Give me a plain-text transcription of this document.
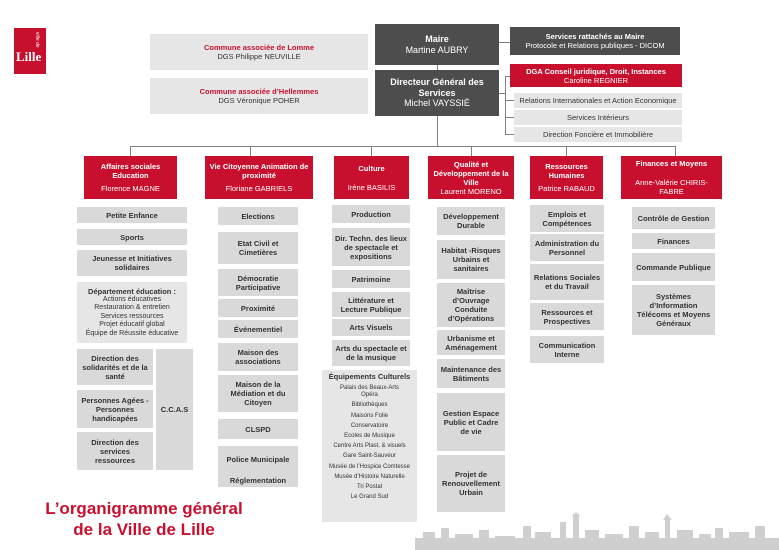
ville de
Lille
Commune associée de Lomme
DGS Philippe NEUVILLE
Commune associée d’Hellemmes
DGS Véronique POHER
Maire
Martine AUBRY
Services rattachés au Maire
Protocole et Relations publiques - DICOM
Directeur Général des Services
Michel VAYSSIÉ
DGA Conseil juridique, Droit, Instances
Caroline REGNIER
Relations Internationales et Action Economique
Services Intérieurs
Direction Foncière et Immobilière
Affaires sociales Education
Florence MAGNE
Vie Citoyenne Animation de proximité
Floriane GABRIELS
Culture
Irène BASILIS
Qualité et Développement de la Ville
Laurent MORENO
Ressources Humaines
Patrice RABAUD
Finances et Moyens
Anne-Valérie CHIRIS-FABRE
Petite Enfance
Sports
Jeunesse et Initiatives solidaires
Département éducation :
Actions éducatives
Restauration & entretien
Services ressources
Projet éducatif global
Équipe de Réussite éducative
Direction des solidarités et de la santé
Personnes Agées - Personnes handicapées
Direction des services ressources
C.C.A.S
Elections
Etat Civil et Cimetières
Démocratie Participative
Proximité
Événementiel
Maison des associations
Maison de la Médiation et du Citoyen
CLSPD
Police Municipale
Réglementation
Production
Dir. Techn. des lieux de spectacle et expositions
Patrimoine
Littérature et Lecture Publique
Arts Visuels
Arts du spectacle et de la musique
Équipements Culturels
Palais des Beaux-Arts
Opéra
Bibliothèques
Maisons Folie
Conservatoire
Ecoles de Musique
Centre Arts Plast. & visuels
Gare Saint-Sauveur
Musée de l’Hospice Comtesse
Musée d’Histoire Naturelle
Tri Postal
Le Grand Sud
Développement Durable
Habitat -Risques Urbains et sanitaires
Maîtrise d’Ouvrage Conduite d’Opérations
Urbanisme et Aménagement
Maintenance des Bâtiments
Gestion Espace Public et Cadre de vie
Projet de Renouvellement Urbain
Emplois et Compétences
Administration du Personnel
Relations Sociales et du Travail
Ressources et Prospectives
Communication Interne
Contrôle de Gestion
Finances
Commande Publique
Systèmes d’Information Télécoms et Moyens Généraux
L’organigramme général
de la Ville de Lille
